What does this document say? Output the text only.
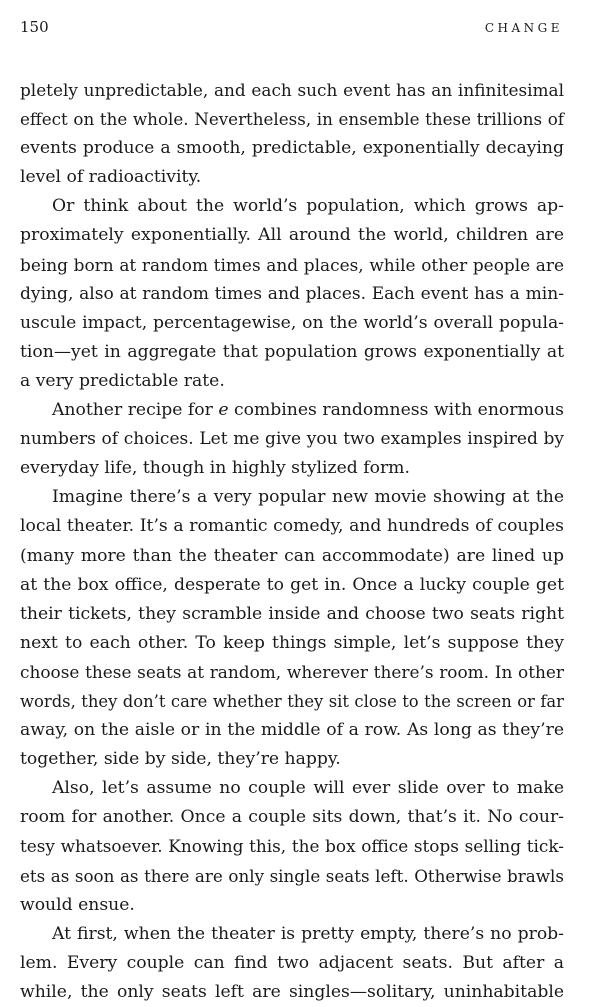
150	CHANGE

pletely unpredictable, and each such event has an infinitesimal
effect on the whole. Nevertheless, in ensemble these trillions of
events produce a smooth, predictable, exponentially decaying
level of radioactivity.

Or think about the world’s population, which grows ap-
proximately exponentially. All around the world, children are
being born at random times and places, while other people are
dying, also at random times and places. Each event has a min-
uscule impact, percentagewise, on the world’s overall popula-
tion—yet in aggregate that population grows exponentially at
a very predictable rate.

Another recipe for e combines randomness with enormous
numbers of choices. Let me give you two examples inspired by
everyday life, though in highly stylized form.

Imagine there’s a very popular new movie showing at the
local theater. It’s a romantic comedy, and hundreds of couples
(many more than the theater can accommodate) are lined up
at the box office, desperate to get in. Once a lucky couple get
their tickets, they scramble inside and choose two seats right
next to each other. To keep things simple, let’s suppose they
choose these seats at random, wherever there’s room. In other
words, they don’t care whether they sit close to the screen or far
away, on the aisle or in the middle of a row. As long as they’re
together, side by side, they’re happy.

Also, let’s assume no couple will ever slide over to make
room for another. Once a couple sits down, that’s it. No cour-
tesy whatsoever. Knowing this, the box office stops selling tick-
ets as soon as there are only single seats left. Otherwise brawls
would ensue.

At first, when the theater is pretty empty, there’s no prob-
lem. Every couple can find two adjacent seats. But after a
while, the only seats left are singles—solitary, uninhabitable
